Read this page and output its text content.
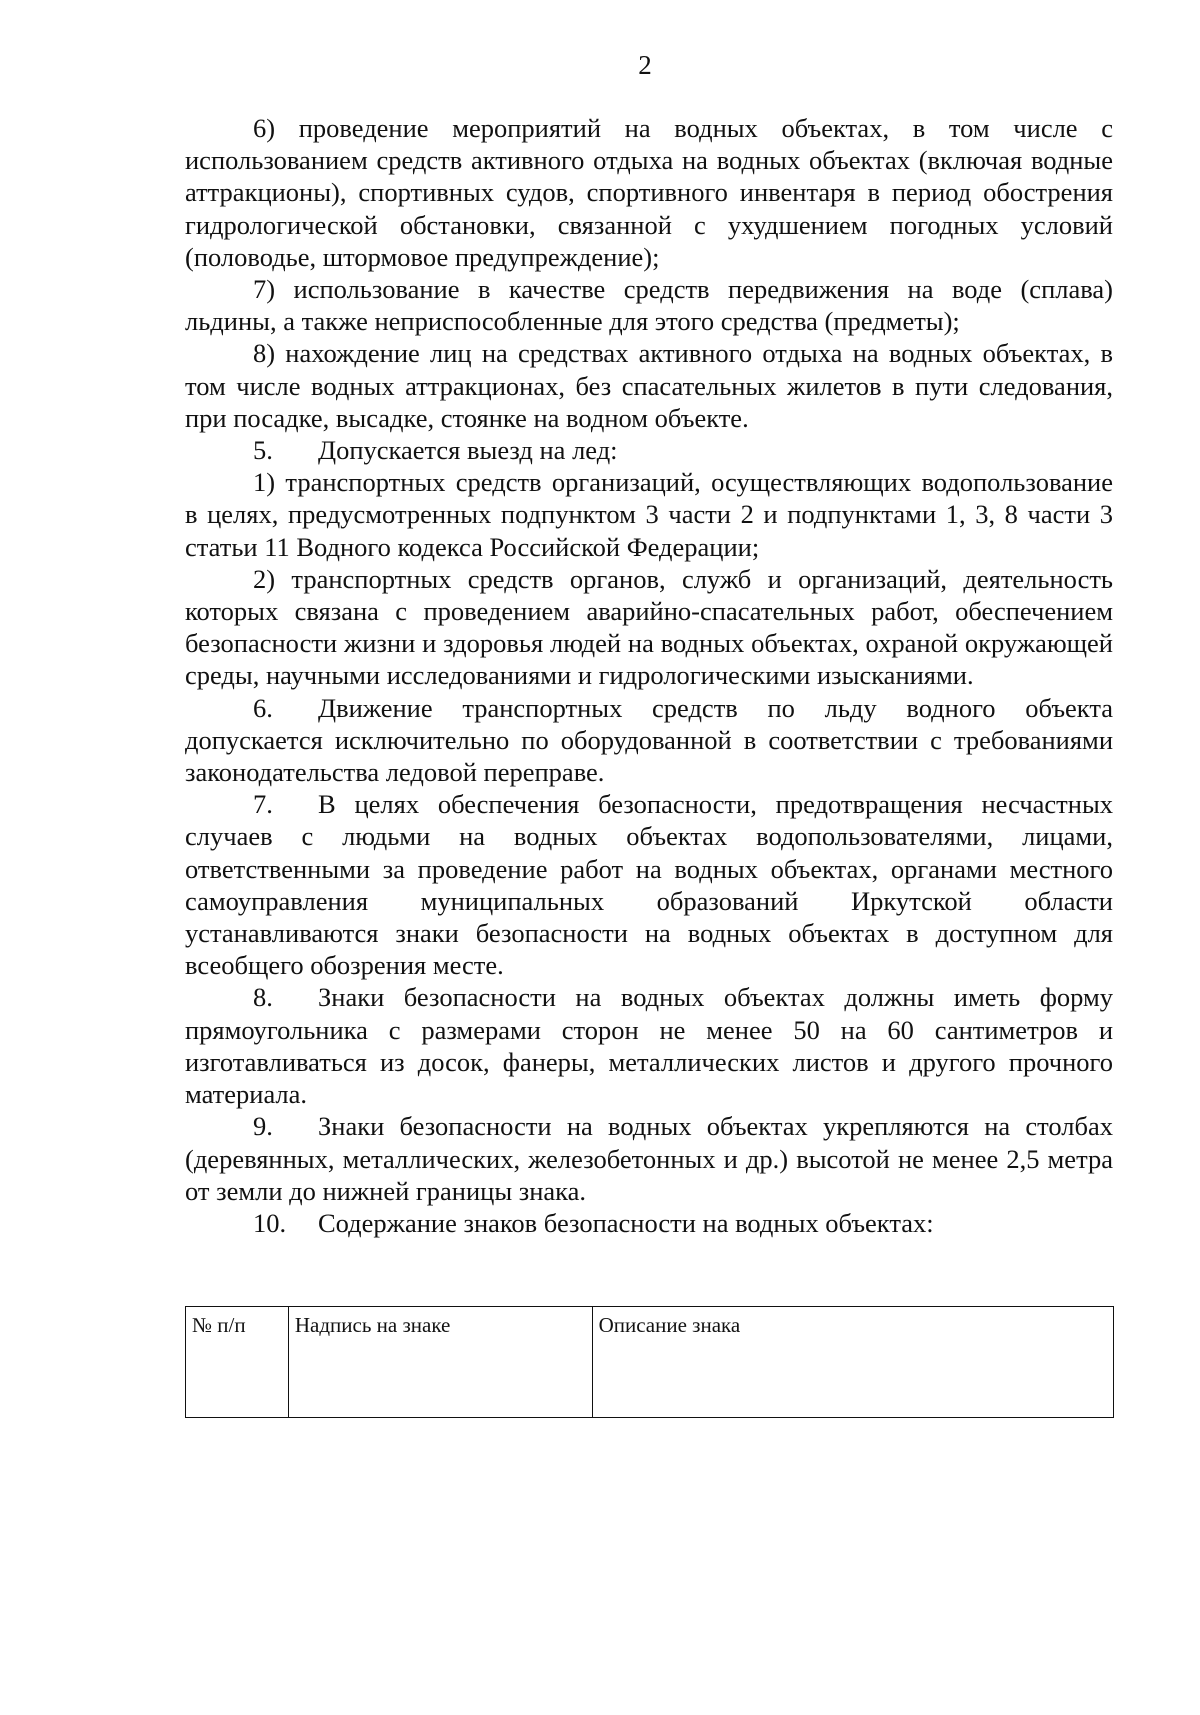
2

6) проведение мероприятий на водных объектах, в том числе с использованием средств активного отдыха на водных объектах (включая водные аттракционы), спортивных судов, спортивного инвентаря в период обострения гидрологической обстановки, связанной с ухудшением погодных условий (половодье, штормовое предупреждение);

7) использование в качестве средств передвижения на воде (сплава) льдины, а также неприспособленные для этого средства (предметы);

8) нахождение лиц на средствах активного отдыха на водных объектах, в том числе водных аттракционах, без спасательных жилетов в пути следования, при посадке, высадке, стоянке на водном объекте.

5. Допускается выезд на лед:

1) транспортных средств организаций, осуществляющих водопользование в целях, предусмотренных подпунктом 3 части 2 и подпунктами 1, 3, 8 части 3 статьи 11 Водного кодекса Российской Федерации;

2) транспортных средств органов, служб и организаций, деятельность которых связана с проведением аварийно-спасательных работ, обеспечением безопасности жизни и здоровья людей на водных объектах, охраной окружающей среды, научными исследованиями и гидрологическими изысканиями.

6. Движение транспортных средств по льду водного объекта допускается исключительно по оборудованной в соответствии с требованиями законодательства ледовой переправе.

7. В целях обеспечения безопасности, предотвращения несчастных случаев с людьми на водных объектах водопользователями, лицами, ответственными за проведение работ на водных объектах, органами местного самоуправления муниципальных образований Иркутской области устанавливаются знаки безопасности на водных объектах в доступном для всеобщего обозрения месте.

8. Знаки безопасности на водных объектах должны иметь форму прямоугольника с размерами сторон не менее 50 на 60 сантиметров и изготавливаться из досок, фанеры, металлических листов и другого прочного материала.

9. Знаки безопасности на водных объектах укрепляются на столбах (деревянных, металлических, железобетонных и др.) высотой не менее 2,5 метра от земли до нижней границы знака.

10. Содержание знаков безопасности на водных объектах:

№ п/п	Надпись на знаке	Описание знака
